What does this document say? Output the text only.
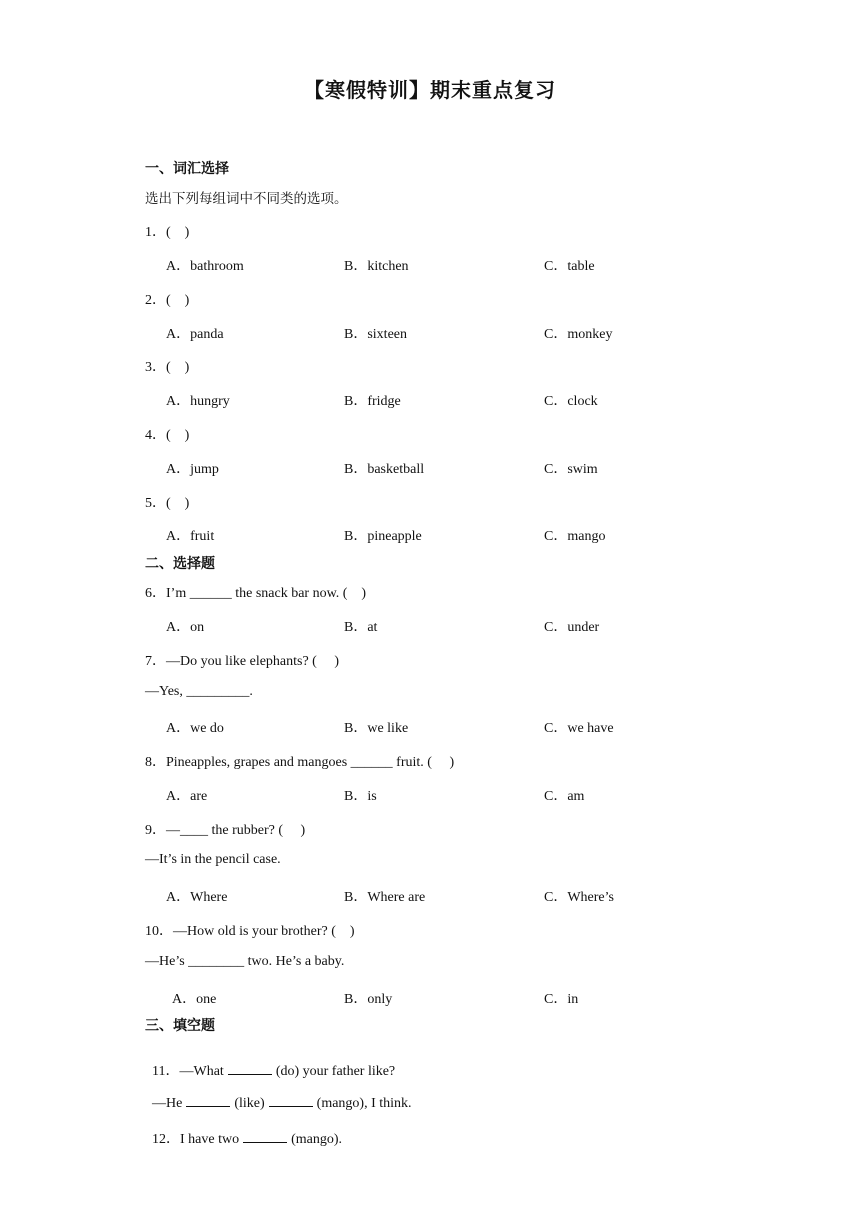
【寒假特训】期末重点复习
一、词汇选择
选出下列每组词中不同类的选项。
1．(    )
A．bathroom	B．kitchen	C．table
2．(    )
A．panda	B．sixteen	C．monkey
3．(    )
A．hungry	B．fridge	C．clock
4．(    )
A．jump	B．basketball	C．swim
5．(    )
A．fruit	B．pineapple	C．mango
二、选择题
6．I’m ______ the snack bar now. (    )
A．on	B．at	C．under
7．—Do you like elephants? (     )
—Yes, _________.
A．we do	B．we like	C．we have
8．Pineapples, grapes and mangoes ______ fruit. (     )
A．are	B．is	C．am
9．—____ the rubber? (     )
—It’s in the pencil case.
A．Where	B．Where are	C．Where’s
10．—How old is your brother? (    )
—He’s ________ two. He’s a baby.
A．one	B．only	C．in
三、填空题

11．—What	(do) your father like?

—He	(like)	(mango), I think.

12．I have two	(mango).
